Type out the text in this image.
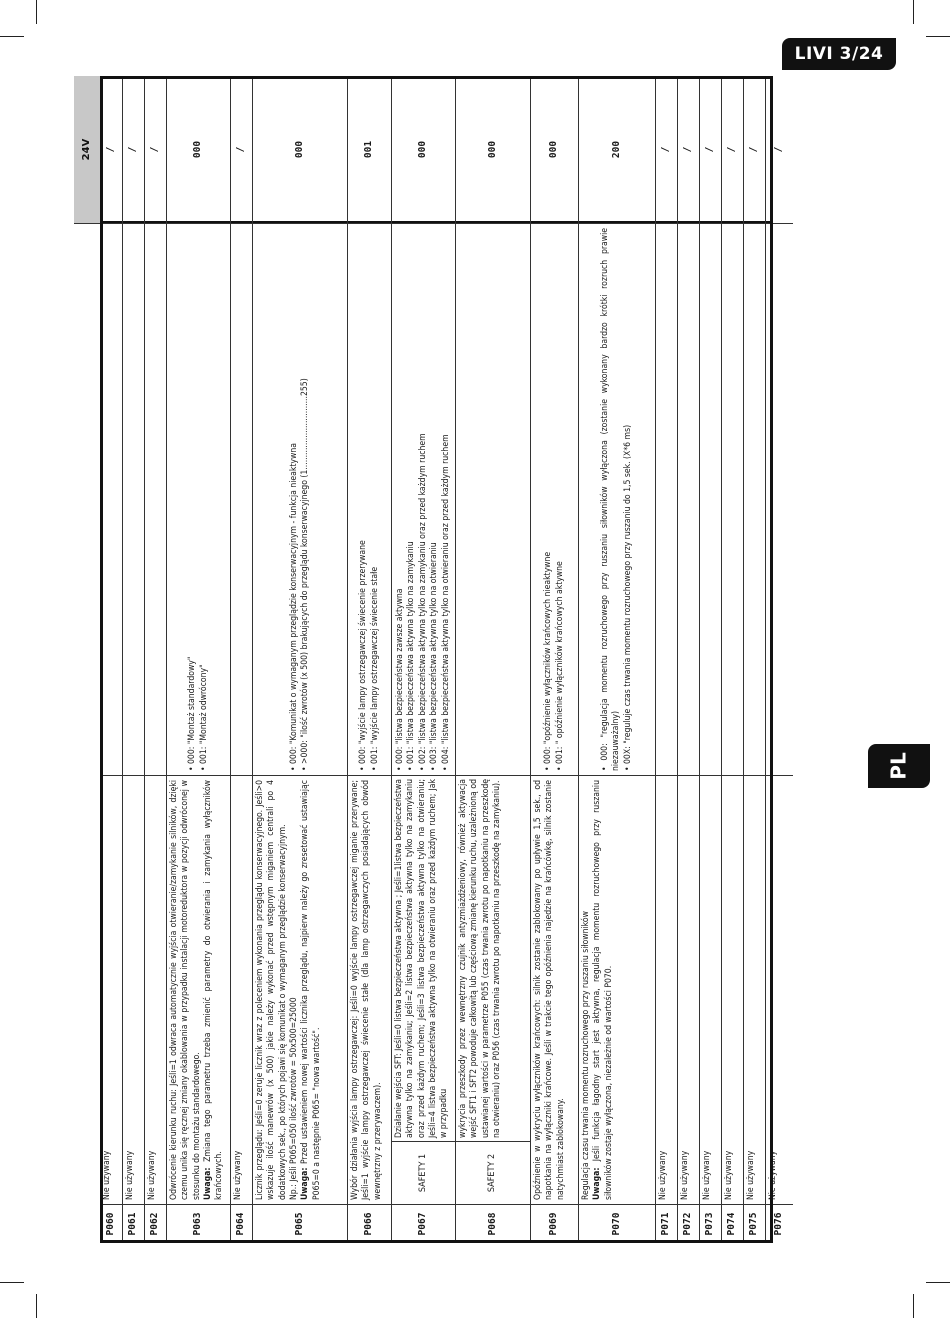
LIVI 3/24
PL
24V
P060
Nie używany
/
P061
Nie używany
/
P062
Nie używany
/
P063
Odwrócenie kierunku ruchu: Jeśli=1 odwraca automatycznie wyjścia otwieranie/zamykanie silników, dzięki czemu unika się ręcznej zmiany okablowania w przypadku instalacji motoreduktora w pozycji odwróconej w stosunku do montażu standardowego. Uwaga: Zmiana tego parametru trzeba zmienić parametry do otwierania i zamykania wyłączników krańcowych.
• 000: "Montaż standardowy" • 001: "Montaż odwrócony"
000
P064
Nie używany
/
P065
Licznik przeglądu: Jeśli=0 zeruje licznik wraz z poleceniem wykonania przeglądu konserwacyjnego. Jeśli>0 wskazuje ilość manewrów (x 500) jakie należy wykonać przed wstępnym miganiem centrali po 4 dodatkowych sek., po których pojawi się komunikat o wymaganym przeglądzie konserwacyjnym. Np.: Jeśli P065=050 ilość zwrotów = 50x500=25000 Uwaga: Przed ustawieniem nowej wartości licznika przeglądu, najpierw należy go zresetować ustawiając P065=0 a następnie P065= "nowa wartość".
• 000: "Komunikat o wymaganym przeglądzie konserwacyjnym - funkcja nieaktywna • >000: "ilość zwrotów (x 500) brakujących do przeglądu konserwacyjnego (1..............................255)
000
P066
Wybór działania wyjścia lampy ostrzegawczej: Jeśli=0 wyjście lampy ostrzegawczej miganie przerywane; Jeśli=1 wyjście lampy ostrzegawczej świecenie stałe (dla lamp ostrzegawczych posiadających obwód wewnętrzny z przerywaczem).
• 000: "wyjście lampy ostrzegawczej świecenie przerywane • 001: "wyjście lampy ostrzegawczej świecenie stałe
001
P067
SAFETY 1
Działanie wejścia SFT: Jeśli=0 listwa bezpieczeństwa aktywna ; Jeśli=1listwa bezpieczeństwa aktywna tylko na zamykaniu; Jeśli=2 listwa bezpieczeństwa aktywna tylko na zamykaniu oraz przed każdym ruchem; Jeśli=3 listwa bezpieczeństwa aktywna tylko na otwieraniu; Jeśli=4 listwa bezpieczeństwa aktywna tylko na otwieraniu oraz przed każdym ruchem; Jak w przypadku
• 000: "listwa bezpieczeństwa zawsze aktywna • 001: "listwa bezpieczeństwa aktywna tylko na zamykaniu • 002: "listwa bezpieczeństwa aktywna tylko na zamykaniu oraz przed każdym ruchem • 003: "listwa bezpieczeństwa aktywna tylko na otwieraniu • 004: "listwa bezpieczeństwa aktywna tylko na otwieraniu oraz przed każdym ruchem
000
P068
SAFETY 2
wykrycia przeszkody przez wewnętrzny czujnik antyzmiażdżeniowy, również aktywacja wejść SFT1 i SFT2 powoduje całkowitą lub częściową zmianę kierunku ruchu, uzależnioną od ustawianej wartości w parametrze P055 (czas trwania zwrotu po napotkaniu na przeszkodę na otwieraniu) oraz P056 (czas trwania zwrotu po napotkaniu na przeszkodę na zamykaniu).
000
P069
Opóźnienie w wykryciu wyłączników krańcowych: silnik zostanie zablokowany po upływie 1,5 sek., od napotkania na wyłączniki krańcowe. Jeśli w trakcie tego opóźnienia najedzie na krańcówkę, silnik zostanie natychmiast zablokowany.
• 000: "opóźnienie wyłączników krańcowych nieaktywne • 001: " opóźnienie wyłączników krańcowych aktywne
000
P070
Regulacja czasu trwania momentu rozruchowego przy ruszaniu siłowników Uwaga: Jeśli funkcja łagodny start jest aktywna, regulacja momentu rozruchowego przy ruszaniu siłowników zostaje wyłączona, niezależnie od wartości P070.
• 000: "regulacja momentu rozruchowego przy ruszaniu siłowników wyłączona (zostanie wykonany bardzo krótki rozruch prawie niezauważalny) • 00X: "reguluje czas trwania momentu rozruchowego przy ruszaniu do 1,5 sek. (X*6 ms)
200
P071
Nie używany
/
P072
Nie używany
/
P073
Nie używany
/
P074
Nie używany
/
P075
Nie używany
/
P076
Nie używany
/
